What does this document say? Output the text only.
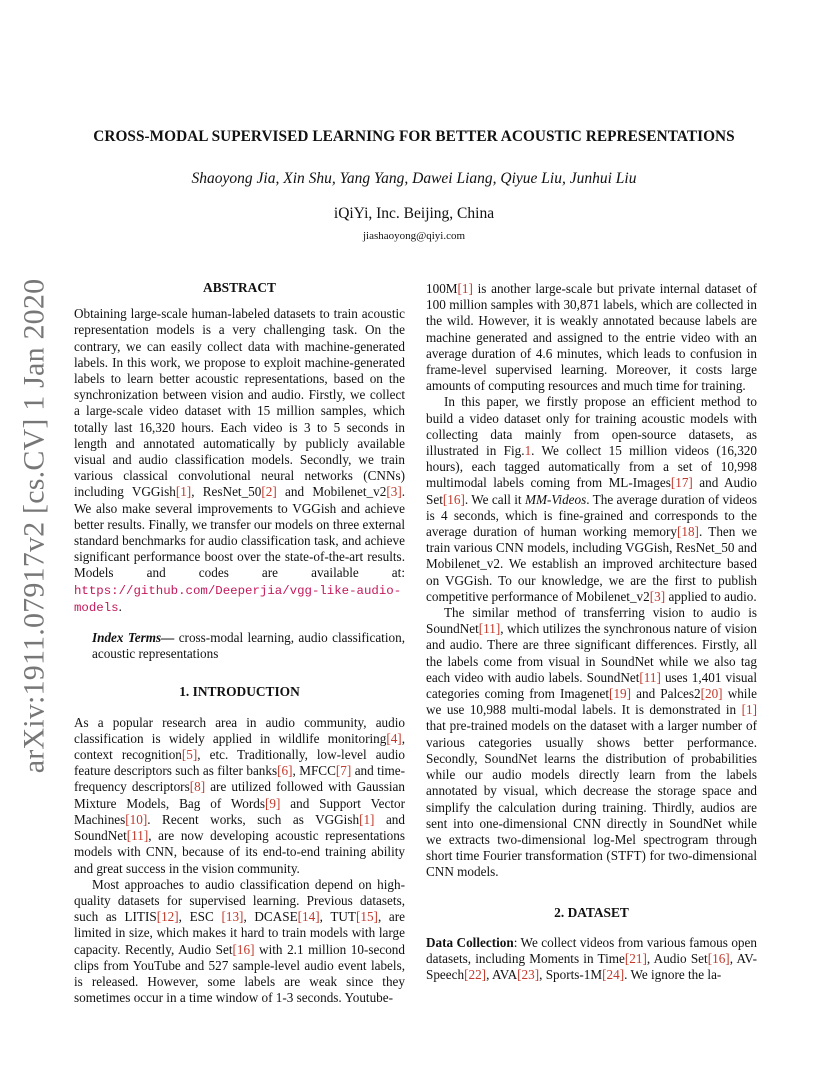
arXiv:1911.07917v2 [cs.CV] 1 Jan 2020
CROSS-MODAL SUPERVISED LEARNING FOR BETTER ACOUSTIC REPRESENTATIONS
Shaoyong Jia, Xin Shu, Yang Yang, Dawei Liang, Qiyue Liu, Junhui Liu
iQiYi, Inc. Beijing, China
jiashaoyong@qiyi.com
ABSTRACT

Obtaining large-scale human-labeled datasets to train acoustic representation models is a very challenging task. On the contrary, we can easily collect data with machine-generated labels. In this work, we propose to exploit machine-generated labels to learn better acoustic representations, based on the synchronization between vision and audio. Firstly, we collect a large-scale video dataset with 15 million samples, which totally last 16,320 hours. Each video is 3 to 5 seconds in length and annotated automatically by publicly available visual and audio classification models. Secondly, we train various classical convolutional neural networks (CNNs) including VGGish[1], ResNet_50[2] and Mobilenet_v2[3]. We also make several improvements to VGGish and achieve better results. Finally, we transfer our models on three external standard benchmarks for audio classification task, and achieve significant performance boost over the state-of-the-art results. Models and codes are available at: https://github.com/Deeperjia/vgg-like-audio-models.

Index Terms— cross-modal learning, audio classification, acoustic representations

1. INTRODUCTION

As a popular research area in audio community, audio classification is widely applied in wildlife monitoring[4], context recognition[5], etc. Traditionally, low-level audio feature descriptors such as filter banks[6], MFCC[7] and time-frequency descriptors[8] are utilized followed with Gaussian Mixture Models, Bag of Words[9] and Support Vector Machines[10]. Recent works, such as VGGish[1] and SoundNet[11], are now developing acoustic representations models with CNN, because of its end-to-end training ability and great success in the vision community.

Most approaches to audio classification depend on high-quality datasets for supervised learning. Previous datasets, such as LITIS[12], ESC [13], DCASE[14], TUT[15], are limited in size, which makes it hard to train models with large capacity. Recently, Audio Set[16] with 2.1 million 10-second clips from YouTube and 527 sample-level audio event labels, is released. However, some labels are weak since they sometimes occur in a time window of 1-3 seconds. Youtube-

100M[1] is another large-scale but private internal dataset of 100 million samples with 30,871 labels, which are collected in the wild. However, it is weakly annotated because labels are machine generated and assigned to the entrie video with an average duration of 4.6 minutes, which leads to confusion in frame-level supervised learning. Moreover, it costs large amounts of computing resources and much time for training.

In this paper, we firstly propose an efficient method to build a video dataset only for training acoustic models with collecting data mainly from open-source datasets, as illustrated in Fig.1. We collect 15 million videos (16,320 hours), each tagged automatically from a set of 10,998 multimodal labels coming from ML-Images[17] and Audio Set[16]. We call it MM-Videos. The average duration of videos is 4 seconds, which is fine-grained and corresponds to the average duration of human working memory[18]. Then we train various CNN models, including VGGish, ResNet_50 and Mobilenet_v2. We establish an improved architecture based on VGGish. To our knowledge, we are the first to publish competitive performance of Mobilenet_v2[3] applied to audio.

The similar method of transferring vision to audio is SoundNet[11], which utilizes the synchronous nature of vision and audio. There are three significant differences. Firstly, all the labels come from visual in SoundNet while we also tag each video with audio labels. SoundNet[11] uses 1,401 visual categories coming from Imagenet[19] and Palces2[20] while we use 10,988 multi-modal labels. It is demonstrated in [1] that pre-trained models on the dataset with a larger number of various categories usually shows better performance. Secondly, SoundNet learns the distribution of probabilities while our audio models directly learn from the labels annotated by visual, which decrease the storage space and simplify the calculation during training. Thirdly, audios are sent into one-dimensional CNN directly in SoundNet while we extracts two-dimensional log-Mel spectrogram through short time Fourier transformation (STFT) for two-dimensional CNN models.

2. DATASET

Data Collection: We collect videos from various famous open datasets, including Moments in Time[21], Audio Set[16], AV-Speech[22], AVA[23], Sports-1M[24]. We ignore the la-
